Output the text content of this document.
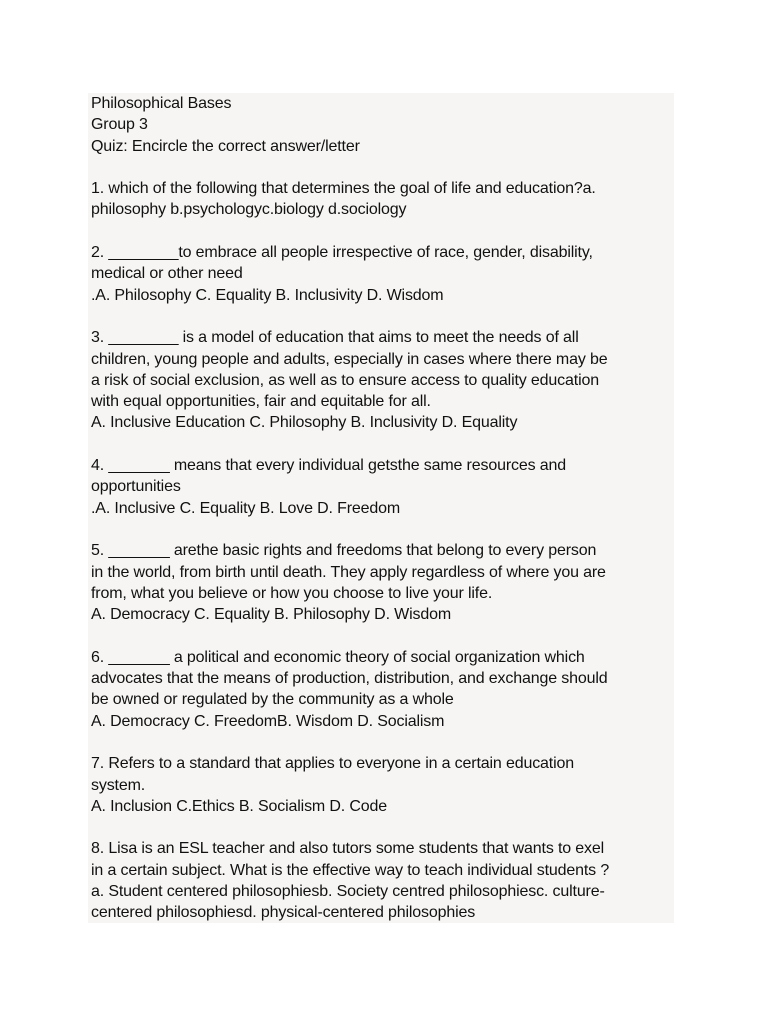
Philosophical Bases
Group 3
Quiz: Encircle the correct answer/letter
1. which of the following that determines the goal of life and education?a.
philosophy b.psychologyc.biology d.sociology
2. ________to embrace all people irrespective of race, gender, disability,
medical or other need
.A. Philosophy C. Equality B. Inclusivity D. Wisdom
3. ________ is a model of education that aims to meet the needs of all
children, young people and adults, especially in cases where there may be
a risk of social exclusion, as well as to ensure access to quality education
with equal opportunities, fair and equitable for all.
A. Inclusive Education C. Philosophy B. Inclusivity D. Equality
4. _______ means that every individual getsthe same resources and
opportunities
.A. Inclusive C. Equality B. Love D. Freedom
5. _______ arethe basic rights and freedoms that belong to every person
in the world, from birth until death. They apply regardless of where you are
from, what you believe or how you choose to live your life.
A. Democracy C. Equality B. Philosophy D. Wisdom
6. _______ a political and economic theory of social organization which
advocates that the means of production, distribution, and exchange should
be owned or regulated by the community as a whole
A. Democracy C. FreedomB. Wisdom D. Socialism
7. Refers to a standard that applies to everyone in a certain education
system.
A. Inclusion C.Ethics B. Socialism D. Code
8. Lisa is an ESL teacher and also tutors some students that wants to exel
in a certain subject. What is the effective way to teach individual students ?
a. Student centered philosophiesb. Society centred philosophiesc. culture-
centered philosophiesd. physical-centered philosophies
